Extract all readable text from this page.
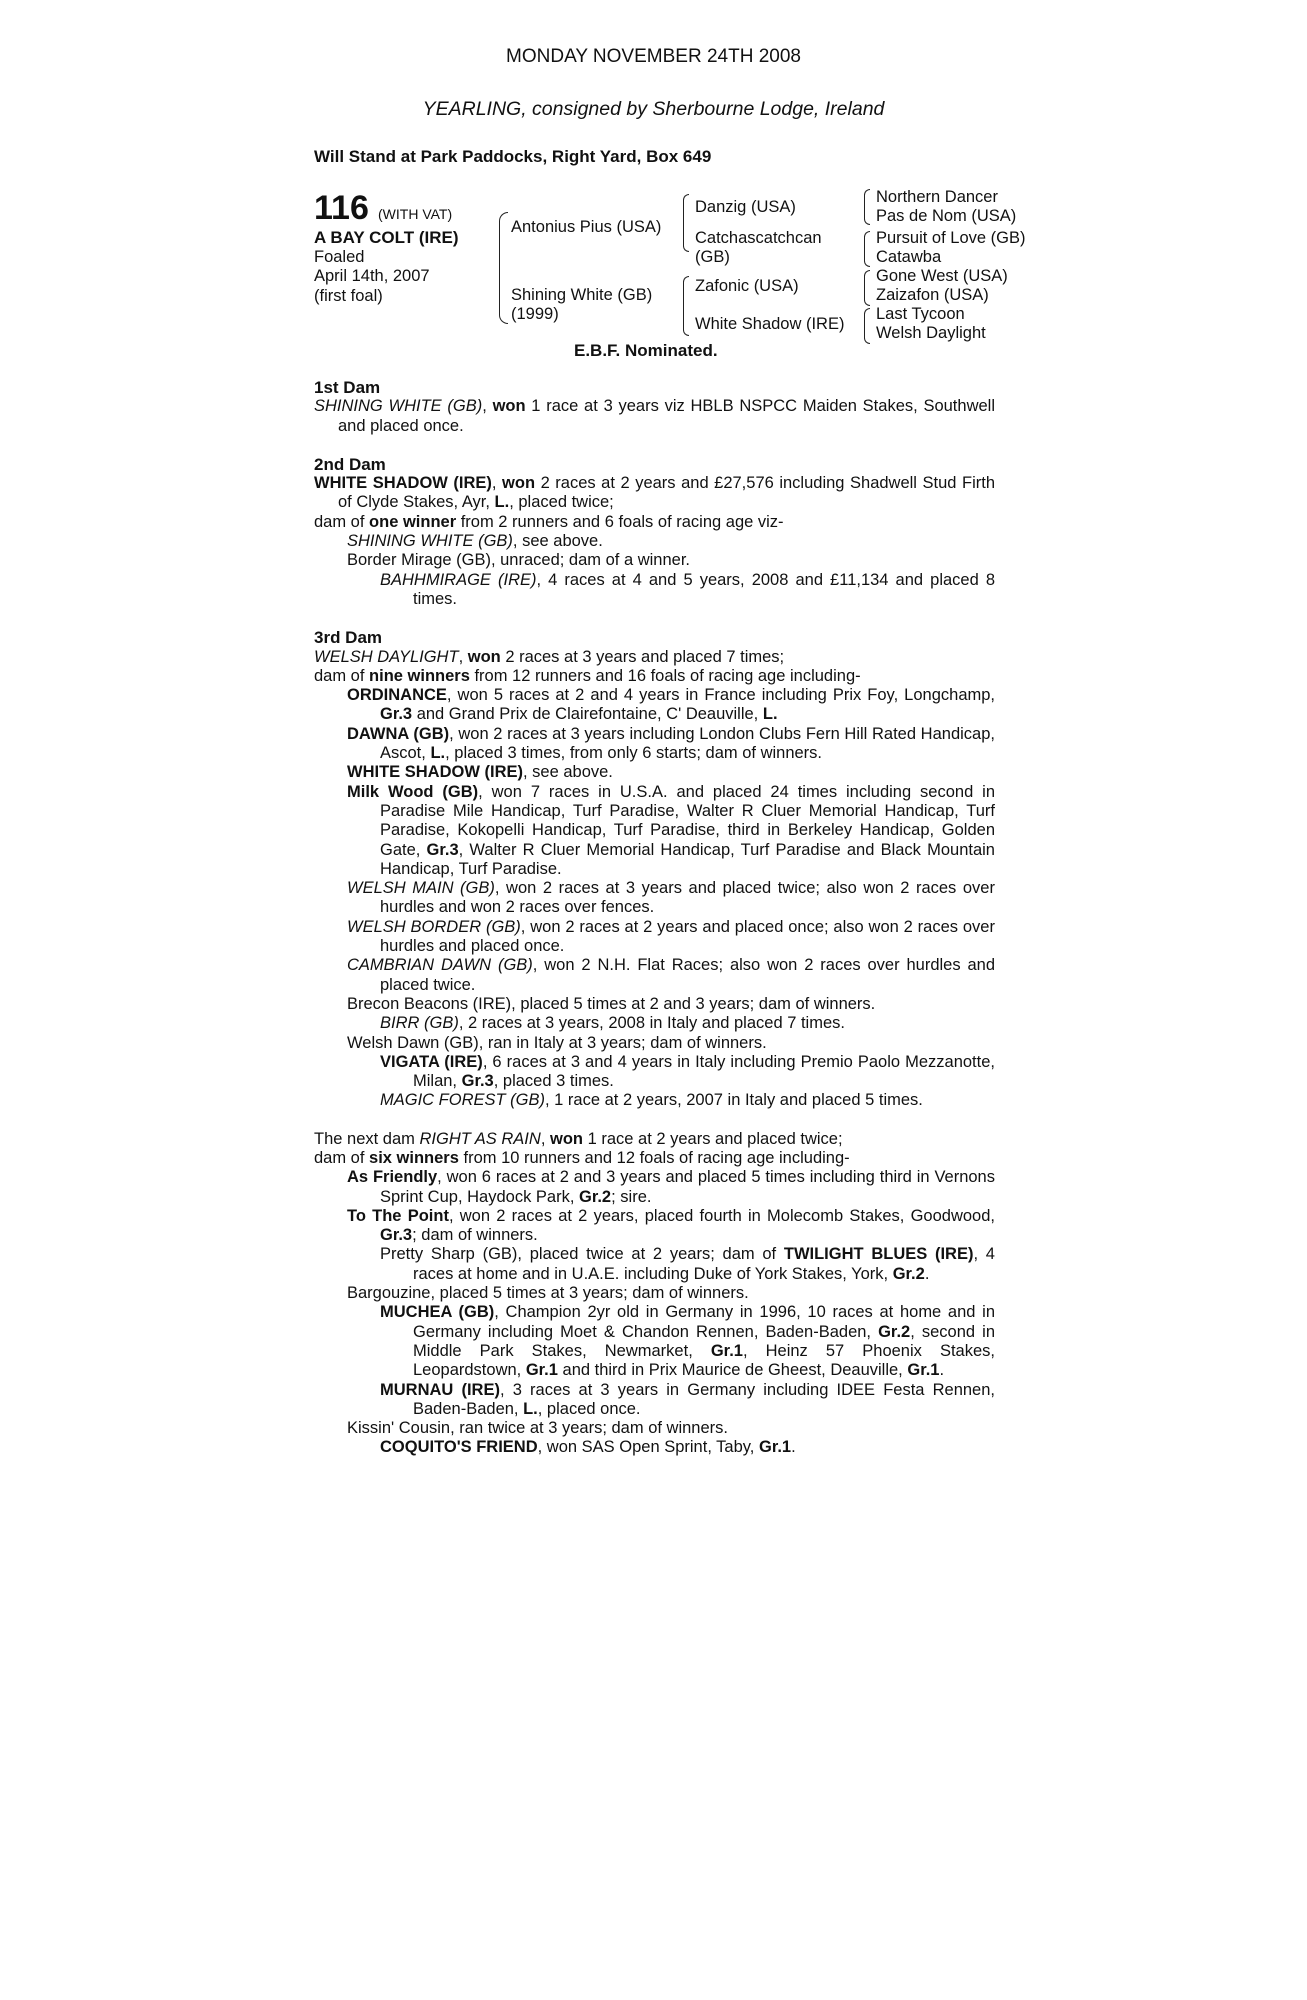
MONDAY NOVEMBER 24TH 2008
YEARLING, consigned by Sherbourne Lodge, Ireland
Will Stand at Park Paddocks, Right Yard, Box 649
116 (WITH VAT)
A BAY COLT (IRE)
Foaled
April 14th, 2007
(first foal)
Antonius Pius (USA)
Shining White (GB)
(1999)
Danzig (USA)
Catchascatchcan
(GB)
Zafonic (USA)
White Shadow (IRE)
Northern Dancer
Pas de Nom (USA)
Pursuit of Love (GB)
Catawba
Gone West (USA)
Zaizafon (USA)
Last Tycoon
Welsh Daylight
E.B.F. Nominated.
1st Dam

SHINING WHITE (GB), won 1 race at 3 years viz HBLB NSPCC Maiden Stakes, Southwell and placed once.

2nd Dam

WHITE SHADOW (IRE), won 2 races at 2 years and £27,576 including Shadwell Stud Firth of Clyde Stakes, Ayr, L., placed twice;

dam of one winner from 2 runners and 6 foals of racing age viz-

SHINING WHITE (GB), see above.

Border Mirage (GB), unraced; dam of a winner.

BAHHMIRAGE (IRE), 4 races at 4 and 5 years, 2008 and £11,134 and placed 8 times.

3rd Dam

WELSH DAYLIGHT, won 2 races at 3 years and placed 7 times;

dam of nine winners from 12 runners and 16 foals of racing age including-

ORDINANCE, won 5 races at 2 and 4 years in France including Prix Foy, Longchamp, Gr.3 and Grand Prix de Clairefontaine, C' Deauville, L.

DAWNA (GB), won 2 races at 3 years including London Clubs Fern Hill Rated Handicap, Ascot, L., placed 3 times, from only 6 starts; dam of winners.

WHITE SHADOW (IRE), see above.

Milk Wood (GB), won 7 races in U.S.A. and placed 24 times including second in Paradise Mile Handicap, Turf Paradise, Walter R Cluer Memorial Handicap, Turf Paradise, Kokopelli Handicap, Turf Paradise, third in Berkeley Handicap, Golden Gate, Gr.3, Walter R Cluer Memorial Handicap, Turf Paradise and Black Mountain Handicap, Turf Paradise.

WELSH MAIN (GB), won 2 races at 3 years and placed twice; also won 2 races over hurdles and won 2 races over fences.

WELSH BORDER (GB), won 2 races at 2 years and placed once; also won 2 races over hurdles and placed once.

CAMBRIAN DAWN (GB), won 2 N.H. Flat Races; also won 2 races over hurdles and placed twice.

Brecon Beacons (IRE), placed 5 times at 2 and 3 years; dam of winners.

BIRR (GB), 2 races at 3 years, 2008 in Italy and placed 7 times.

Welsh Dawn (GB), ran in Italy at 3 years; dam of winners.

VIGATA (IRE), 6 races at 3 and 4 years in Italy including Premio Paolo Mezzanotte, Milan, Gr.3, placed 3 times.

MAGIC FOREST (GB), 1 race at 2 years, 2007 in Italy and placed 5 times.

The next dam RIGHT AS RAIN, won 1 race at 2 years and placed twice;

dam of six winners from 10 runners and 12 foals of racing age including-

As Friendly, won 6 races at 2 and 3 years and placed 5 times including third in Vernons Sprint Cup, Haydock Park, Gr.2; sire.

To The Point, won 2 races at 2 years, placed fourth in Molecomb Stakes, Goodwood, Gr.3; dam of winners.

Pretty Sharp (GB), placed twice at 2 years; dam of TWILIGHT BLUES (IRE), 4 races at home and in U.A.E. including Duke of York Stakes, York, Gr.2.

Bargouzine, placed 5 times at 3 years; dam of winners.

MUCHEA (GB), Champion 2yr old in Germany in 1996, 10 races at home and in Germany including Moet & Chandon Rennen, Baden-Baden, Gr.2, second in Middle Park Stakes, Newmarket, Gr.1, Heinz 57 Phoenix Stakes, Leopardstown, Gr.1 and third in Prix Maurice de Gheest, Deauville, Gr.1.

MURNAU (IRE), 3 races at 3 years in Germany including IDEE Festa Rennen, Baden-Baden, L., placed once.

Kissin' Cousin, ran twice at 3 years; dam of winners.

COQUITO'S FRIEND, won SAS Open Sprint, Taby, Gr.1.
